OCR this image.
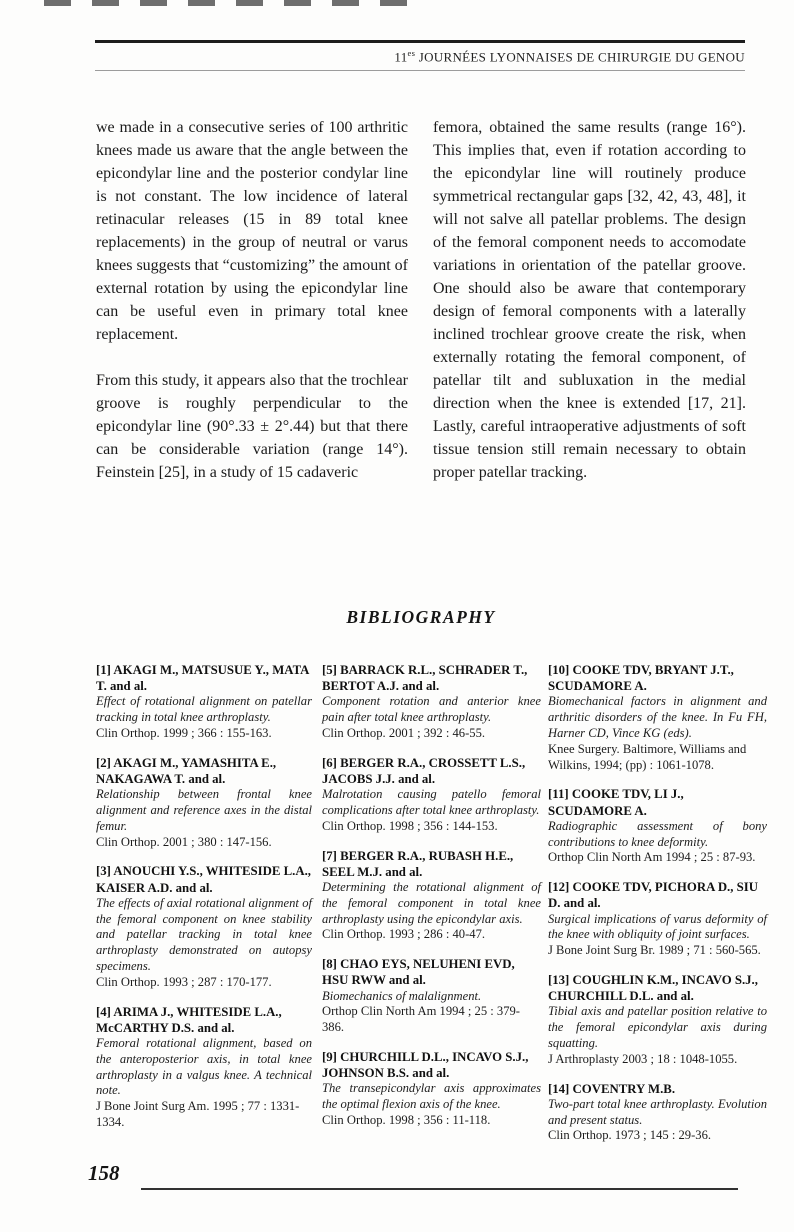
$11^{es}$ JOURNÉES LYONNAISES DE CHIRURGIE DU GENOU

we made in a consecutive series of 100 arthritic knees made us aware that the angle between the epicondylar line and the posterior condylar line is not constant. The low incidence of lateral retinacular releases (15 in 89 total knee replacements) in the group of neutral or varus knees suggests that “customizing” the amount of external rotation by using the epicondylar line can be useful even in primary total knee replacement.

From this study, it appears also that the trochlear groove is roughly perpendicular to the epicondylar line (90°.33 ± 2°.44) but that there can be considerable variation (range 14°). Feinstein [25], in a study of 15 cadaveric

femora, obtained the same results (range 16°). This implies that, even if rotation according to the epicondylar line will routinely produce symmetrical rectangular gaps [32, 42, 43, 48], it will not salve all patellar problems. The design of the femoral component needs to accomodate variations in orientation of the patellar groove. One should also be aware that contemporary design of femoral components with a laterally inclined trochlear groove create the risk, when externally rotating the femoral component, of patellar tilt and subluxation in the medial direction when the knee is extended [17, 21]. Lastly, careful intraoperative adjustments of soft tissue tension still remain necessary to obtain proper patellar tracking.

BIBLIOGRAPHY
[1] AKAGI M., MATSUSUE Y., MATA T. and al.
Effect of rotational alignment on patellar tracking in total knee arthroplasty.
Clin Orthop. 1999 ; 366 : 155-163.
[2] AKAGI M., YAMASHITA E., NAKAGAWA T. and al.
Relationship between frontal knee alignment and reference axes in the distal femur.
Clin Orthop. 2001 ; 380 : 147-156.
[3] ANOUCHI Y.S., WHITESIDE L.A., KAISER A.D. and al.
The effects of axial rotational alignment of the femoral component on knee stability and patellar tracking in total knee arthroplasty demonstrated on autopsy specimens.
Clin Orthop. 1993 ; 287 : 170-177.
[4] ARIMA J., WHITESIDE L.A., McCARTHY D.S. and al.
Femoral rotational alignment, based on the anteroposterior axis, in total knee arthroplasty in a valgus knee. A technical note.
J Bone Joint Surg Am. 1995 ; 77 : 1331-1334.
[5] BARRACK R.L., SCHRADER T., BERTOT A.J. and al.
Component rotation and anterior knee pain after total knee arthroplasty.
Clin Orthop. 2001 ; 392 : 46-55.
[6] BERGER R.A., CROSSETT L.S., JACOBS J.J. and al.
Malrotation causing patello femoral complications after total knee arthroplasty.
Clin Orthop. 1998 ; 356 : 144-153.
[7] BERGER R.A., RUBASH H.E., SEEL M.J. and al.
Determining the rotational alignment of the femoral component in total knee arthroplasty using the epicondylar axis.
Clin Orthop. 1993 ; 286 : 40-47.
[8] CHAO EYS, NELUHENI EVD, HSU RWW and al.
Biomechanics of malalignment.
Orthop Clin North Am 1994 ; 25 : 379-386.
[9] CHURCHILL D.L., INCAVO S.J., JOHNSON B.S. and al.
The transepicondylar axis approximates the optimal flexion axis of the knee.
Clin Orthop. 1998 ; 356 : 11-118.
[10] COOKE TDV, BRYANT J.T., SCUDAMORE A.
Biomechanical factors in alignment and arthritic disorders of the knee. In Fu FH, Harner CD, Vince KG (eds).
Knee Surgery. Baltimore, Williams and Wilkins, 1994; (pp) : 1061-1078.
[11] COOKE TDV, LI J., SCUDAMORE A.
Radiographic assessment of bony contributions to knee deformity.
Orthop Clin North Am 1994 ; 25 : 87-93.
[12] COOKE TDV, PICHORA D., SIU D. and al.
Surgical implications of varus deformity of the knee with obliquity of joint surfaces.
J Bone Joint Surg Br. 1989 ; 71 : 560-565.
[13] COUGHLIN K.M., INCAVO S.J., CHURCHILL D.L. and al.
Tibial axis and patellar position relative to the femoral epicondylar axis during squatting.
J Arthroplasty 2003 ; 18 : 1048-1055.
[14] COVENTRY M.B.
Two-part total knee arthroplasty. Evolution and present status.
Clin Orthop. 1973 ; 145 : 29-36.
158
